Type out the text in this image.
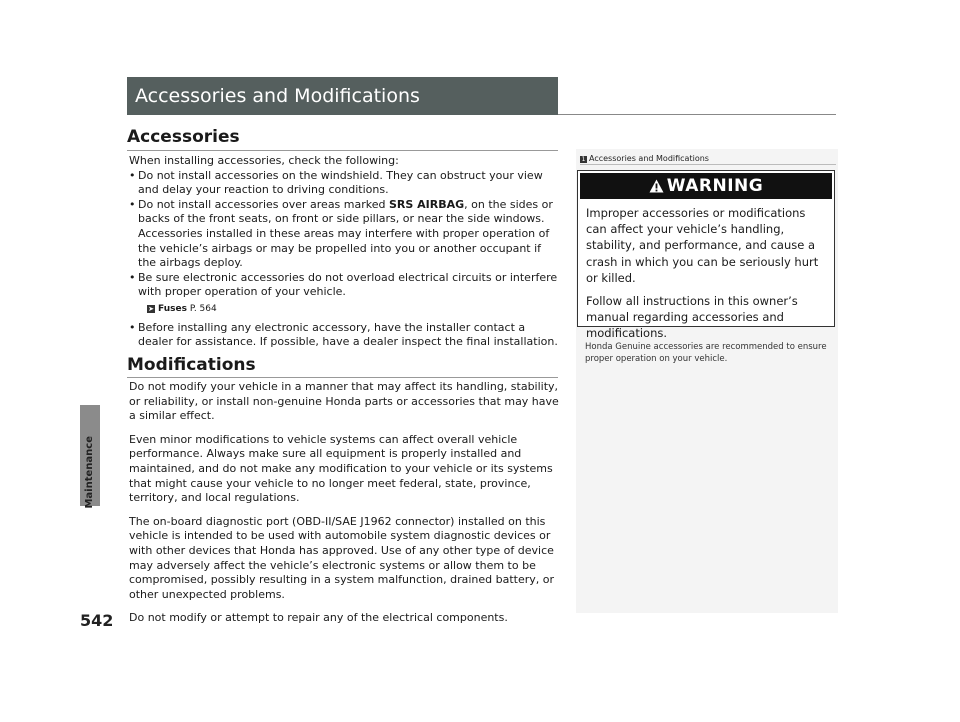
Maintenance
542
Accessories and Modifications
Accessories

When installing accessories, check the following:

• Do not install accessories on the windshield. They can obstruct your view and delay your reaction to driving conditions.
• Do not install accessories over areas marked SRS AIRBAG, on the sides or backs of the front seats, on front or side pillars, or near the side windows.
Accessories installed in these areas may interfere with proper operation of the vehicle’s airbags or may be propelled into you or another occupant if the airbags deploy.
• Be sure electronic accessories do not overload electrical circuits or interfere with proper operation of your vehicle.
➤ Fuses P. 564
• Before installing any electronic accessory, have the installer contact a dealer for assistance. If possible, have a dealer inspect the final installation.
Modifications

Do not modify your vehicle in a manner that may affect its handling, stability, or reliability, or install non-genuine Honda parts or accessories that may have a similar effect.

Even minor modifications to vehicle systems can affect overall vehicle performance. Always make sure all equipment is properly installed and maintained, and do not make any modification to your vehicle or its systems that might cause your vehicle to no longer meet federal, state, province, territory, and local regulations.

The on-board diagnostic port (OBD-II/SAE J1962 connector) installed on this vehicle is intended to be used with automobile system diagnostic devices or with other devices that Honda has approved. Use of any other type of device may adversely affect the vehicle’s electronic systems or allow them to be compromised, possibly resulting in a system malfunction, drained battery, or other unexpected problems.

Do not modify or attempt to repair any of the electrical components.

1 Accessories and Modifications
WARNING

Improper accessories or modifications can affect your vehicle’s handling, stability, and performance, and cause a crash in which you can be seriously hurt or killed.

Follow all instructions in this owner’s manual regarding accessories and modifications.

Honda Genuine accessories are recommended to ensure proper operation on your vehicle.
